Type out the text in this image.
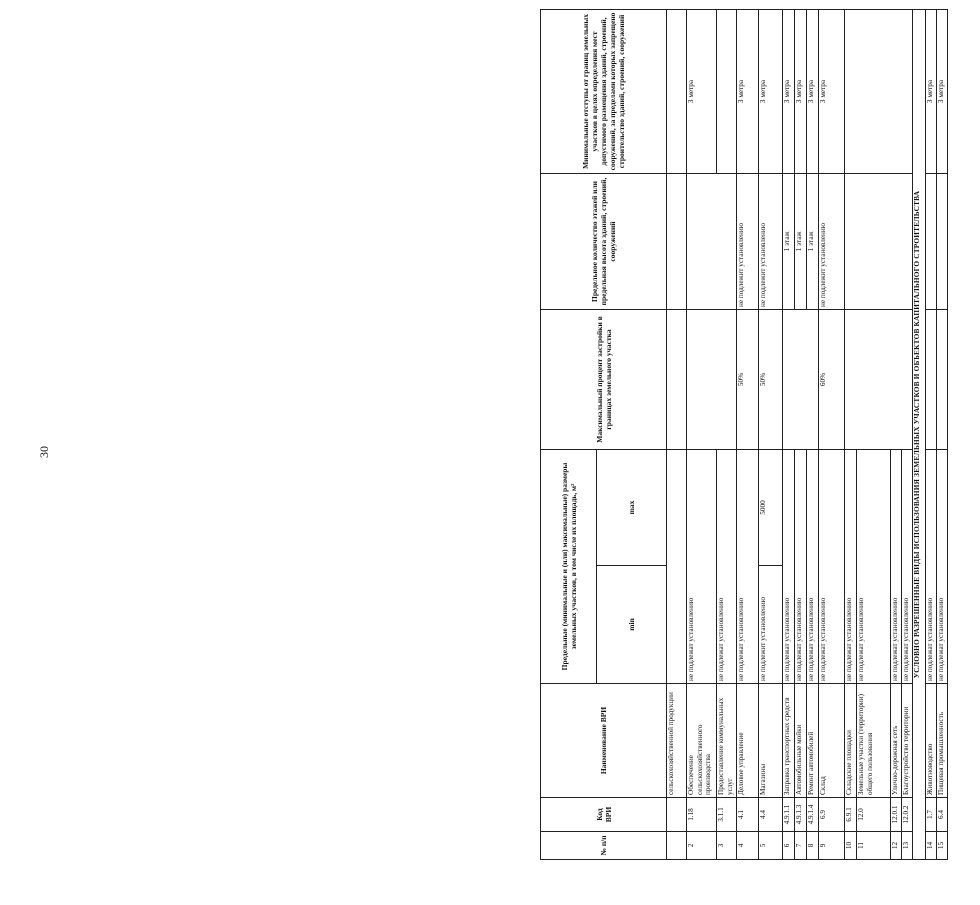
30
№ п/п	Код ВРИ	Наименование ВРИ	Предельные (минимальные и (или) максимальные) размеры земельных участков, в том числе их площадь, м²		Максимальный процент застройки в границах земельного участка	Предельное количество этажей или предельная высота зданий, строений, сооружений	Минимальные отступы от границ земельных участков в целях определения мест допустимого размещения зданий, строений, сооружений, за пределами которых запрещено строительство зданий, строений, сооружений
			min	max			
		сельскохозяйственной продукции					
2	1.18	Обеспечение сельскохозяйственного производства	не подлежат установлению				3 метра
3	3.1.1	Предоставление коммунальных услуг	не подлежат установлению				
4	4.1	Деловое управление	не подлежат установлению		50%	не подлежит установлению	3 метра
5	4.4	Магазины	не подлежит установлению	5000	50%	не подлежит установлению	3 метра
6	4.9.1.1	Заправка транспортных средств	не подлежат установлению			1 этаж	3 метра
7	4.9.1.3	Автомобильные мойки	не подлежат установлению			1 этаж	3 метра
8	4.9.1.4	Ремонт автомобилей	не подлежат установлению			1 этаж	3 метра
9	6.9	Склад	не подлежат установлению		60%	не подлежит установлению	3 метра
10	6.9.1	Складские площадки	не подлежат установлению				
11	12.0	Земельные участки (территории) общего пользования	не подлежат установлению				
12	12.0.1	Улично-дорожная сеть	не подлежат установлению				
13	12.0.2	Благоустройство территории	не подлежат установлению				
УСЛОВНО РАЗРЕШЕННЫЕ ВИДЫ ИСПОЛЬЗОВАНИЯ ЗЕМЕЛЬНЫХ УЧАСТКОВ И ОБЪЕКТОВ КАПИТАЛЬНОГО СТРОИТЕЛЬСТВА							
14	1.7	Животноводство	не подлежат установлению				3 метра
15	6.4	Пищевая промышленность	не подлежат установлению				3 метра
